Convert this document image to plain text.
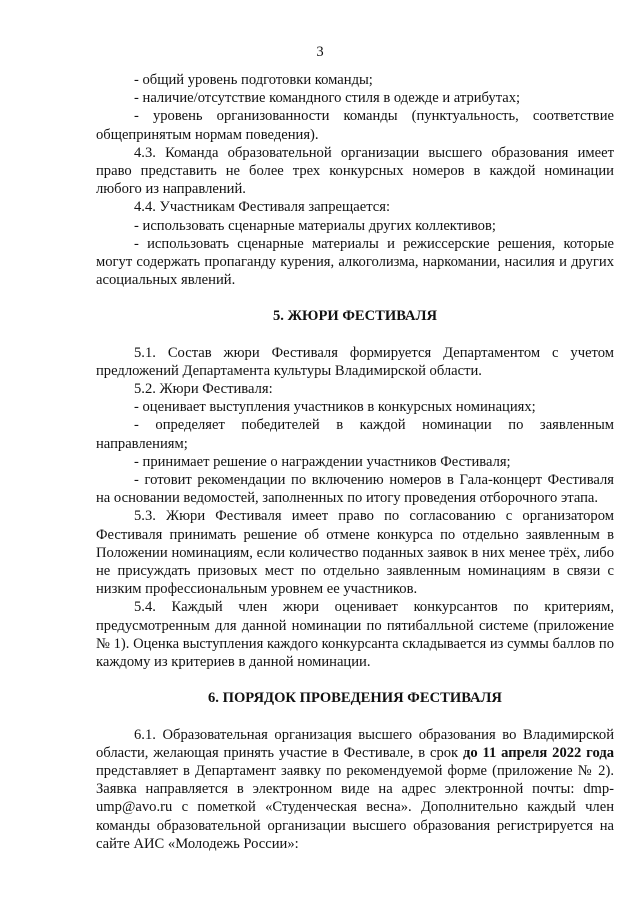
3

- общий уровень подготовки команды;

- наличие/отсутствие командного стиля в одежде и атрибутах;

- уровень организованности команды (пунктуальность, соответствие общепринятым нормам поведения).

4.3. Команда образовательной организации высшего образования имеет право представить не более трех конкурсных номеров в каждой номинации любого из направлений.

4.4. Участникам Фестиваля запрещается:

- использовать сценарные материалы других коллективов;

- использовать сценарные материалы и режиссерские решения, которые могут содержать пропаганду курения, алкоголизма, наркомании, насилия и других асоциальных явлений.

5. ЖЮРИ ФЕСТИВАЛЯ

5.1. Состав жюри Фестиваля формируется Департаментом с учетом предложений Департамента культуры Владимирской области.

5.2. Жюри Фестиваля:

- оценивает выступления участников в конкурсных номинациях;

- определяет победителей в каждой номинации по заявленным направлениям;

- принимает решение о награждении участников Фестиваля;

- готовит рекомендации по включению номеров в Гала-концерт Фестиваля на основании ведомостей, заполненных по итогу проведения отборочного этапа.

5.3. Жюри Фестиваля имеет право по согласованию с организатором Фестиваля принимать решение об отмене конкурса по отдельно заявленным в Положении номинациям, если количество поданных заявок в них менее трёх, либо не присуждать призовых мест по отдельно заявленным номинациям в связи с низким профессиональным уровнем ее участников.

5.4. Каждый член жюри оценивает конкурсантов по критериям, предусмотренным для данной номинации по пятибалльной системе (приложение № 1). Оценка выступления каждого конкурсанта складывается из суммы баллов по каждому из критериев в данной номинации.

6. ПОРЯДОК ПРОВЕДЕНИЯ ФЕСТИВАЛЯ

6.1. Образовательная организация высшего образования во Владимирской области, желающая принять участие в Фестивале, в срок до 11 апреля 2022 года представляет в Департамент заявку по рекомендуемой форме (приложение № 2). Заявка направляется в электронном виде на адрес электронной почты: dmp-ump@avo.ru с пометкой «Студенческая весна». Дополнительно каждый член команды образовательной организации высшего образования регистрируется на сайте АИС «Молодежь России»:
